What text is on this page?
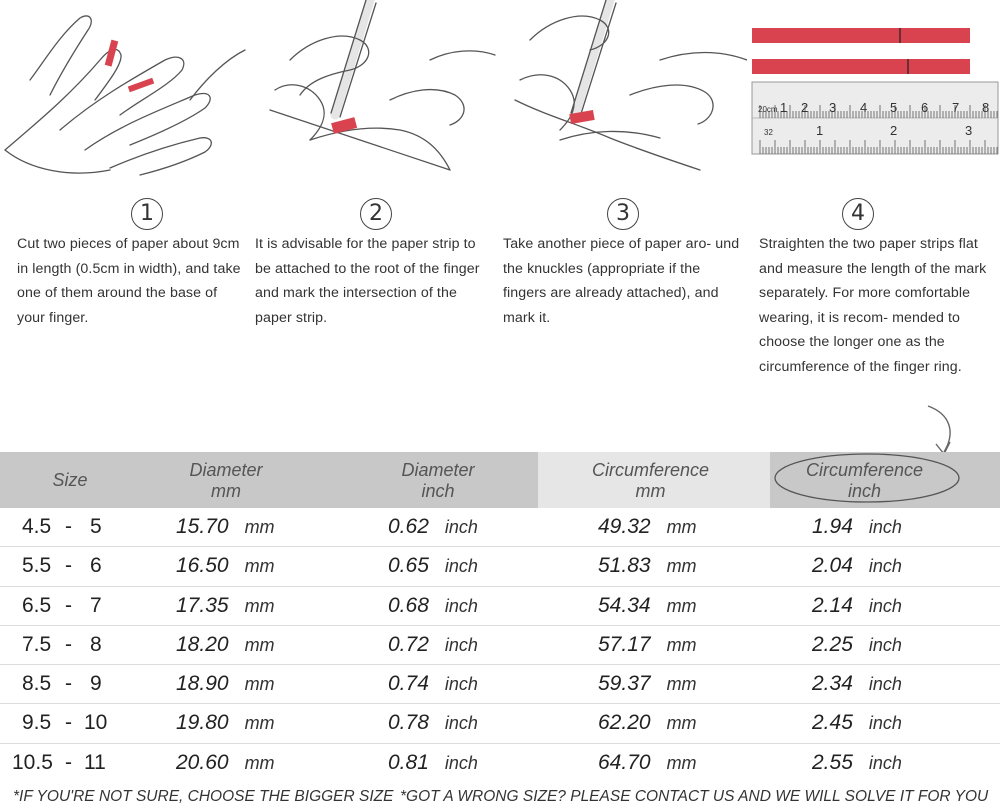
20cm 1 2 3 4 5 6 7 8
32	1	2	3
1
Cut two pieces of paper about 9cm in length (0.5cm in width), and take one of them around the base of your finger.
2
It is advisable for the paper strip to be attached to the root of the finger and mark the intersection of the paper strip.
3
Take another piece of paper aro- und the knuckles (appropriate if the fingers are already attached), and mark it.
4
Straighten the two paper strips flat and measure the length of the mark separately. For more comfortable wearing, it is recom- mended to choose the longer one as the circumference of the finger ring.
Size	Diameter
mm
Diameter
inch
Circumference
mm
Circumference
inch
4.5 - 5	15.70 mm	0.62 inch	49.32 mm	1.94 inch
5.5 - 6	16.50 mm	0.65 inch	51.83 mm	2.04 inch
6.5 - 7	17.35 mm	0.68 inch	54.34 mm	2.14 inch
7.5 - 8	18.20 mm	0.72 inch	57.17 mm	2.25 inch
8.5 - 9	18.90 mm	0.74 inch	59.37 mm	2.34 inch
9.5 - 10	19.80 mm	0.78 inch	62.20 mm	2.45 inch
10.5 - 11	20.60 mm	0.81 inch	64.70 mm	2.55 inch
*IF YOU'RE NOT SURE, CHOOSE THE BIGGER SIZE *GOT A WRONG SIZE? PLEASE CONTACT US AND WE WILL SOLVE IT FOR YOU
